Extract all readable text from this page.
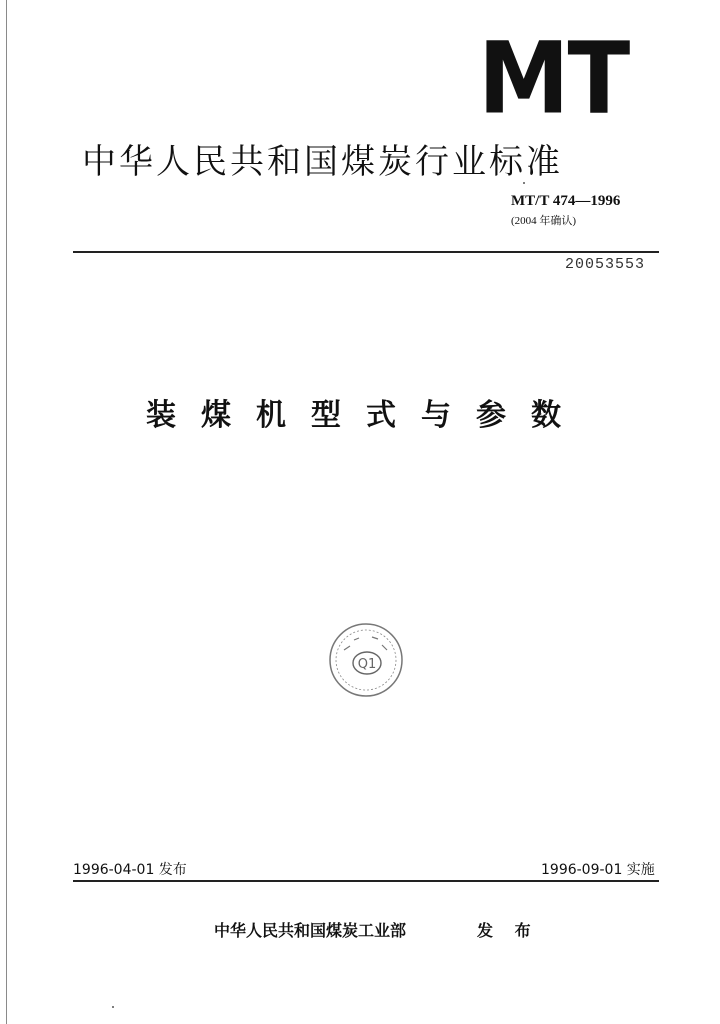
MT
中华人民共和国煤炭行业标准
MT/T 474—1996
(2004 年确认)
20053553
装煤机型式与参数
Q1
1996-04-01 发布	1996-09-01 实施
中华人民共和国煤炭工业部	发 布
